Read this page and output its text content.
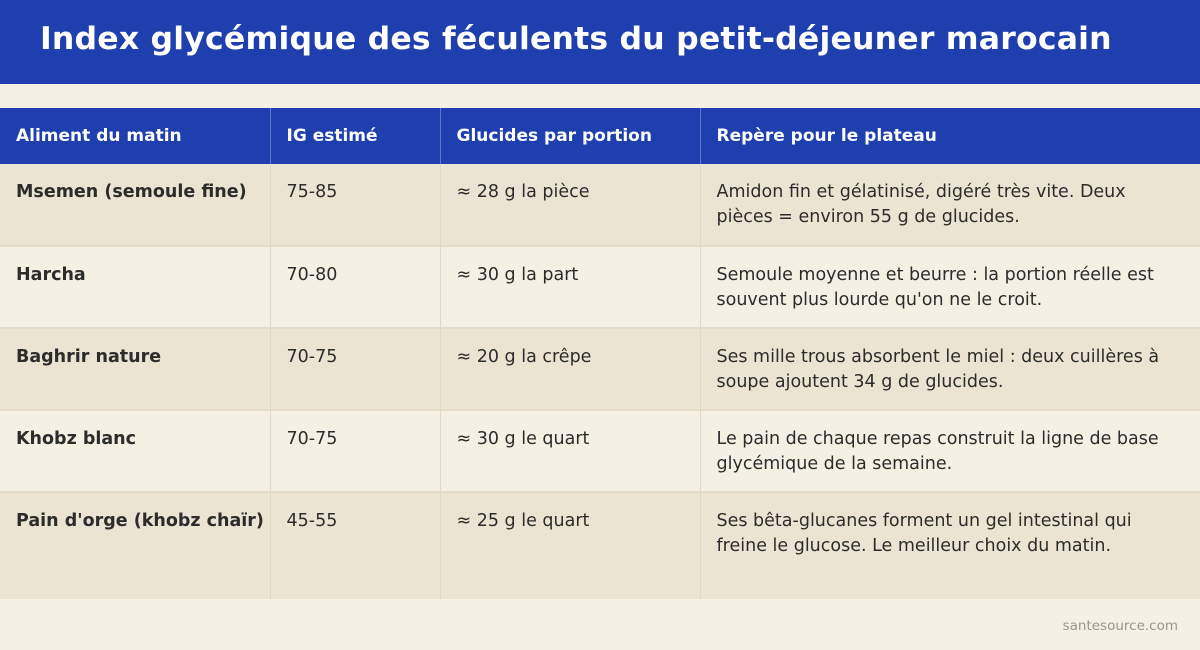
Index glycémique des féculents du petit-déjeuner marocain
Aliment du matin	IG estimé	Glucides par portion	Repère pour le plateau
Msemen (semoule fine)	75-85	≈ 28 g la pièce	Amidon fin et gélatinisé, digéré très vite. Deux pièces = environ 55 g de glucides.
Harcha	70-80	≈ 30 g la part	Semoule moyenne et beurre : la portion réelle est souvent plus lourde qu'on ne le croit.
Baghrir nature	70-75	≈ 20 g la crêpe	Ses mille trous absorbent le miel : deux cuillères à soupe ajoutent 34 g de glucides.
Khobz blanc	70-75	≈ 30 g le quart	Le pain de chaque repas construit la ligne de base glycémique de la semaine.
Pain d'orge (khobz chaïr)	45-55	≈ 25 g le quart	Ses bêta-glucanes forment un gel intestinal qui freine le glucose. Le meilleur choix du matin.
santesource.com
